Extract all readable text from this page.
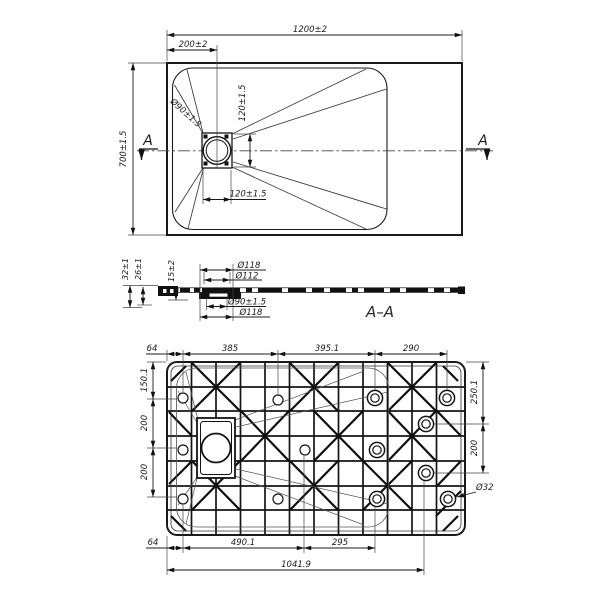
1200±2
200±2
700±1.5
120±1.5
120±1.5
Ø90±1.5
A	A
32±1 26±1	15±2	Ø118
Ø112
Ø90±1.5
Ø118	A–A
64	385	395.1	290
150.1
200
200
250.1
200
Ø32
64	490.1	295
1041.9
